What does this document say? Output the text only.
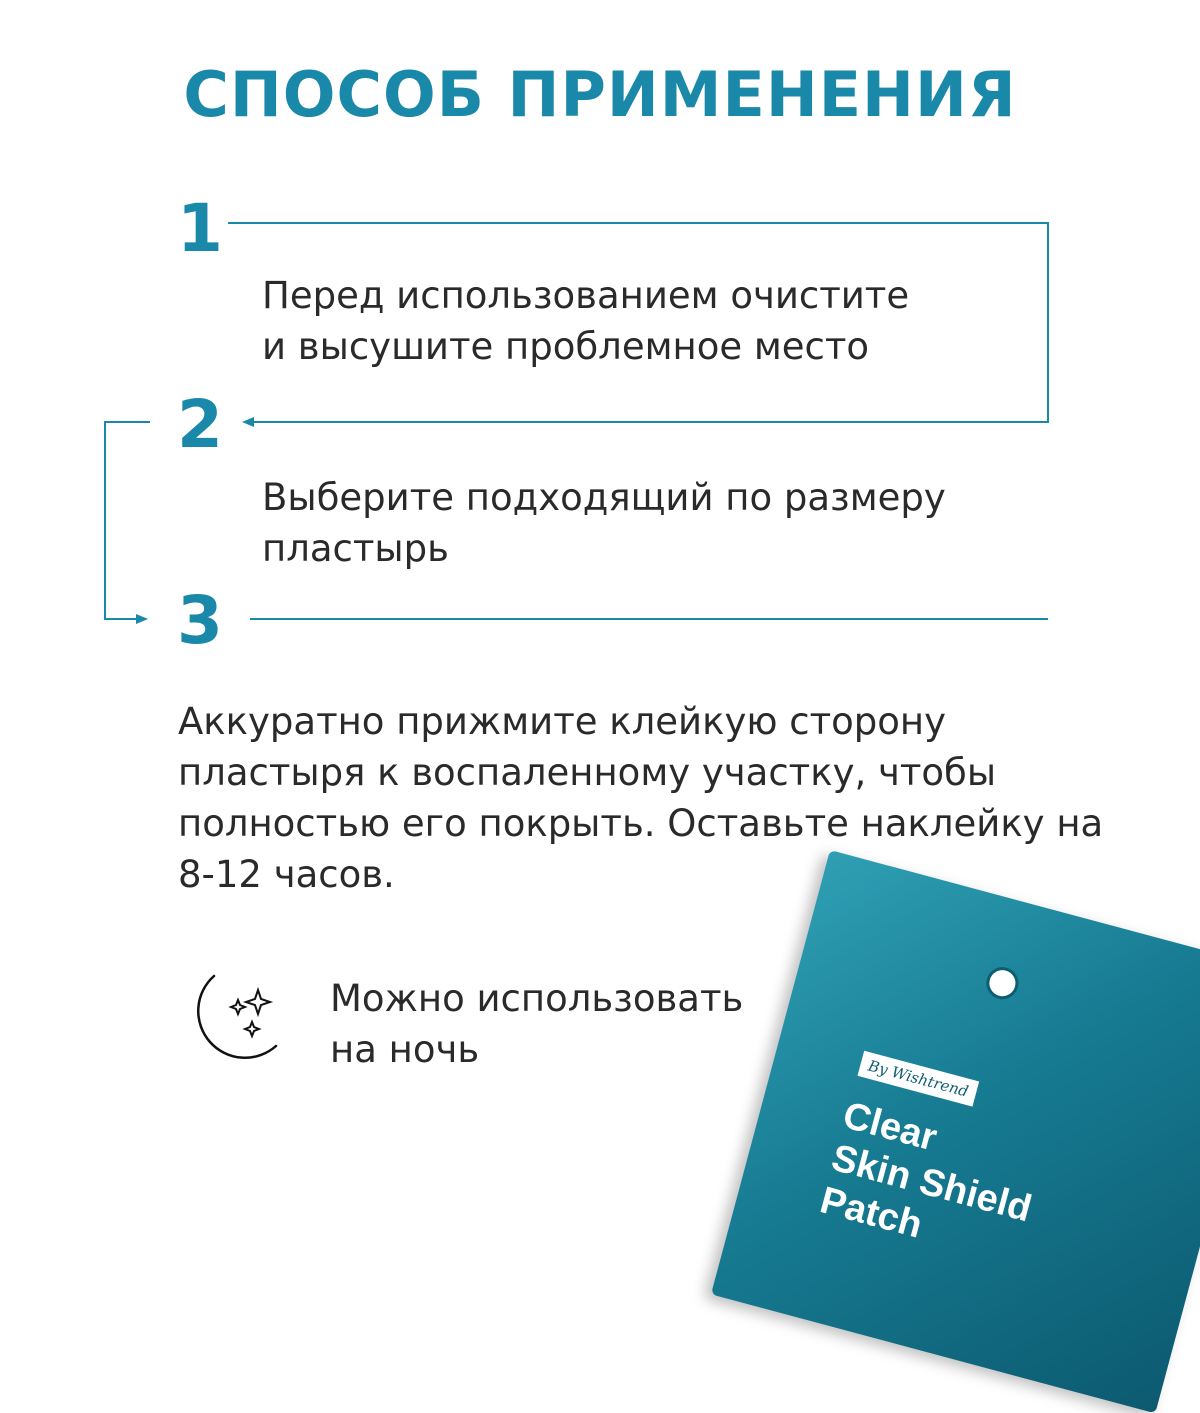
СПОСОБ ПРИМЕНЕНИЯ
1
Перед использованием очистите
и высушите проблемное место
2
Выберите подходящий по размеру
пластырь
3
Аккуратно прижмите клейкую сторону пластыря к воспаленному участку, чтобы полностью его покрыть. Оставьте наклейку на 8-12 часов.
Можно использовать
на ночь
By Wishtrend
Clear
Skin Shield
Patch
